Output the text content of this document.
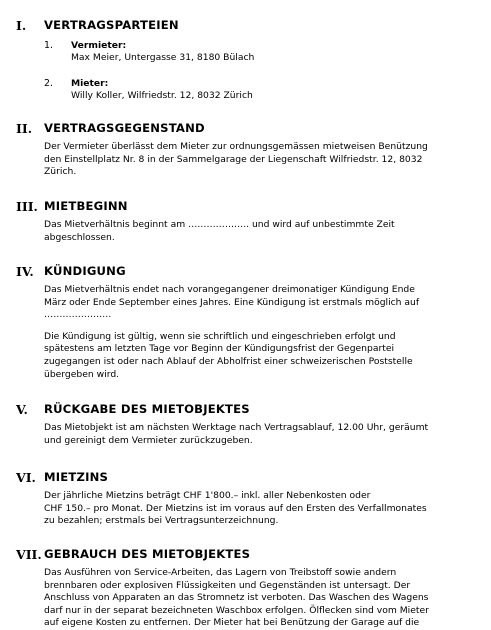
I. VERTRAGSPARTEIEN
1. Vermieter:
Max Meier, Untergasse 31, 8180 Bülach
2. Mieter:
Willy Koller, Wilfriedstr. 12, 8032 Zürich
II. VERTRAGSGEGENSTAND
Der Vermieter überlässt dem Mieter zur ordnungsgemässen mietweisen Benützung
den Einstellplatz Nr. 8 in der Sammelgarage der Liegenschaft Wilfriedstr. 12, 8032
Zürich.
III. MIETBEGINN
Das Mietverhältnis beginnt am ……………….. und wird auf unbestimmte Zeit
abgeschlossen.
IV. KÜNDIGUNG
Das Mietverhältnis endet nach vorangegangener dreimonatiger Kündigung Ende
März oder Ende September eines Jahres. Eine Kündigung ist erstmals möglich auf
………………….
Die Kündigung ist gültig, wenn sie schriftlich und eingeschrieben erfolgt und
spätestens am letzten Tage vor Beginn der Kündigungsfrist der Gegenpartei
zugegangen ist oder nach Ablauf der Abholfrist einer schweizerischen Poststelle
übergeben wird.
V. RÜCKGABE DES MIETOBJEKTES
Das Mietobjekt ist am nächsten Werktage nach Vertragsablauf, 12.00 Uhr, geräumt
und gereinigt dem Vermieter zurückzugeben.
VI. MIETZINS
Der jährliche Mietzins beträgt CHF 1'800.– inkl. aller Nebenkosten oder
CHF 150.– pro Monat. Der Mietzins ist im voraus auf den Ersten des Verfallmonates
zu bezahlen; erstmals bei Vertragsunterzeichnung.
VII. GEBRAUCH DES MIETOBJEKTES
Das Ausführen von Service-Arbeiten, das Lagern von Treibstoff sowie andern
brennbaren oder explosiven Flüssigkeiten und Gegenständen ist untersagt. Der
Anschluss von Apparaten an das Stromnetz ist verboten. Das Waschen des Wagens
darf nur in der separat bezeichneten Waschbox erfolgen. Ölflecken sind vom Mieter
auf eigene Kosten zu entfernen. Der Mieter hat bei Benützung der Garage auf die
